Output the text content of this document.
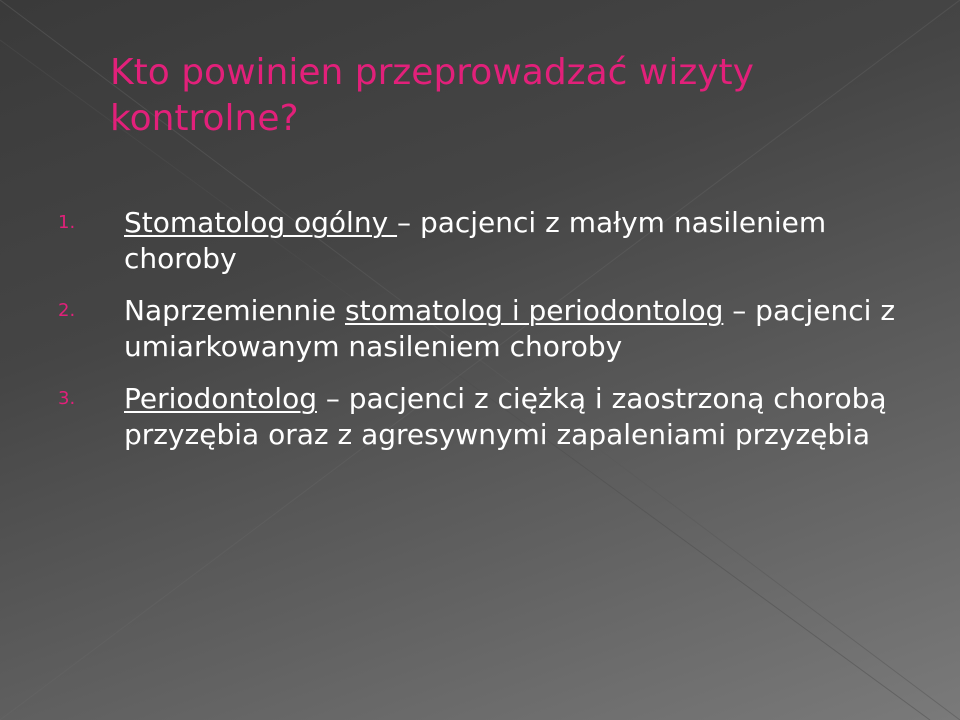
Kto powinien przeprowadzać wizyty kontrolne?
1. Stomatolog ogólny – pacjenci z małym nasileniem choroby
2. Naprzemiennie stomatolog i periodontolog – pacjenci z umiarkowanym nasileniem choroby
3. Periodontolog – pacjenci z ciężką i zaostrzoną chorobą przyzębia oraz z agresywnymi zapaleniami przyzębia
